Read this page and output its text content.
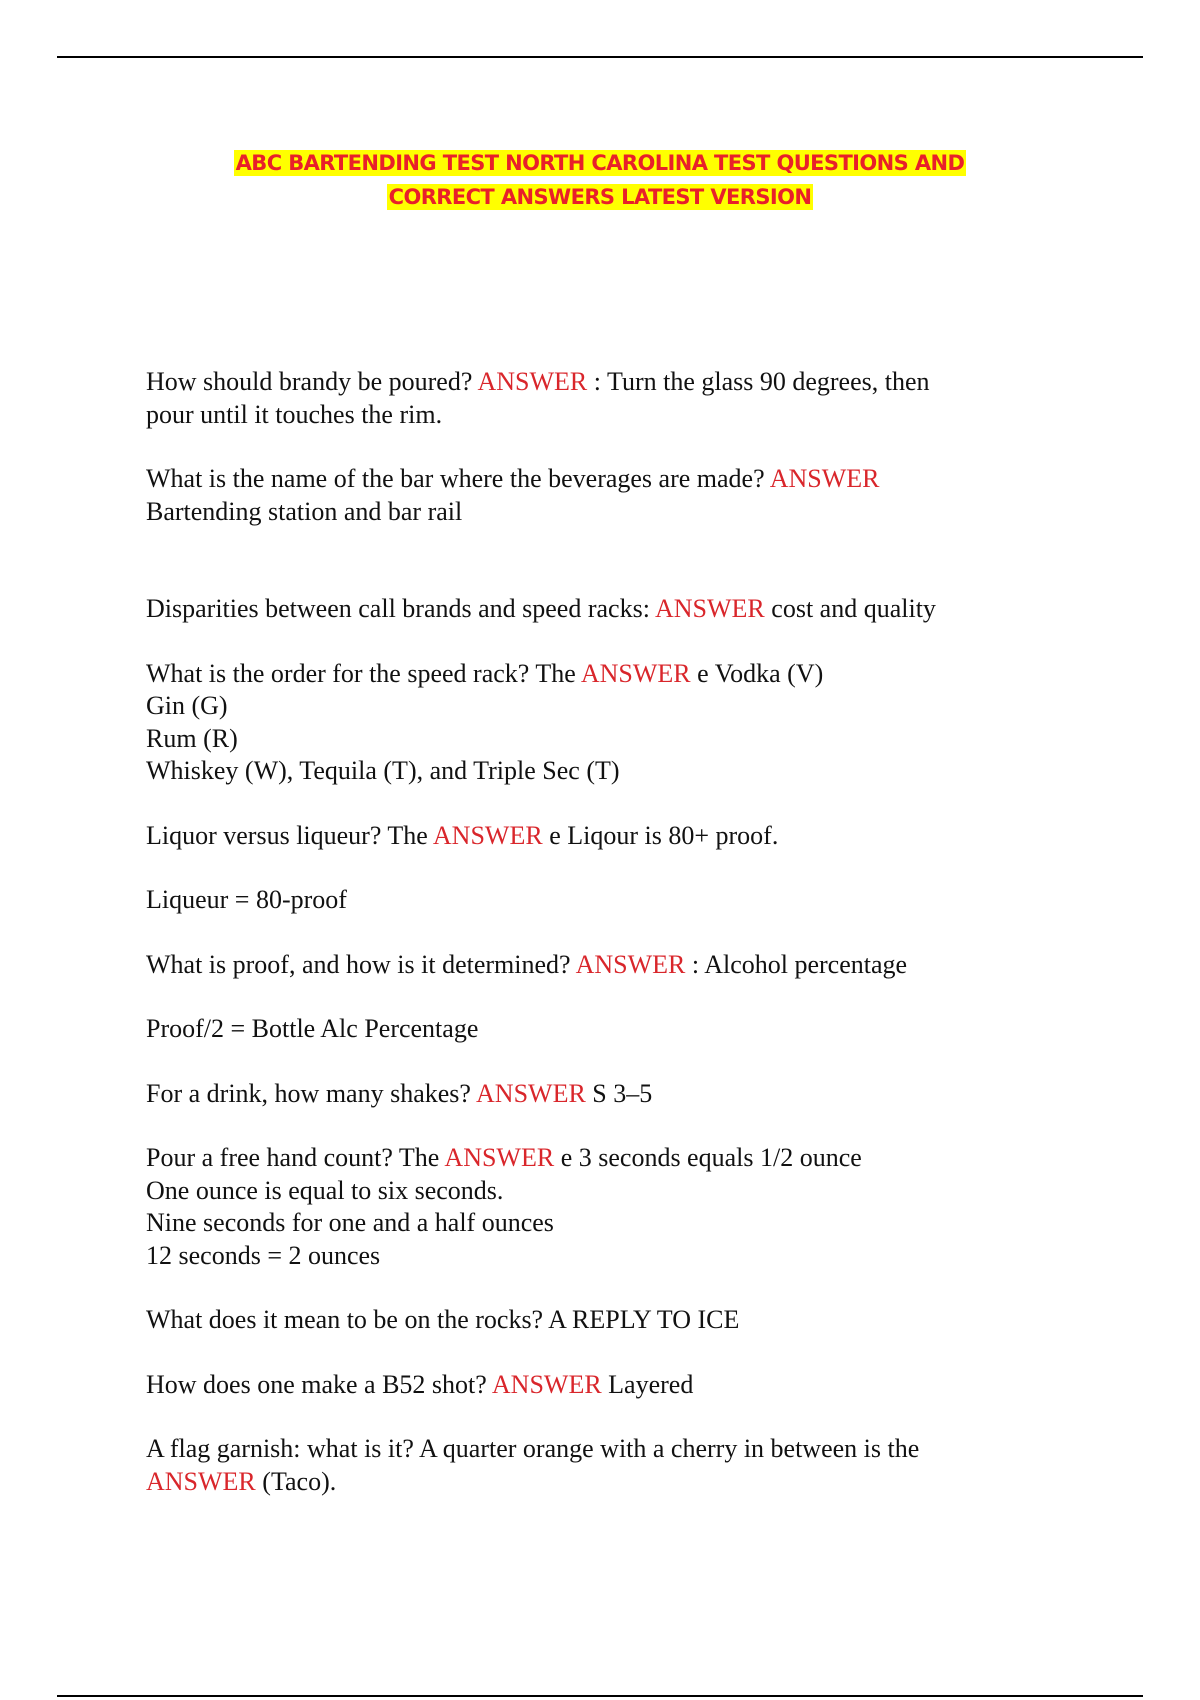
ABC BARTENDING TEST NORTH CAROLINA TEST QUESTIONS AND
CORRECT ANSWERS LATEST VERSION

How should brandy be poured? ANSWER : Turn the glass 90 degrees, then
pour until it touches the rim.

What is the name of the bar where the beverages are made? ANSWER
Bartending station and bar rail

Disparities between call brands and speed racks: ANSWER cost and quality

What is the order for the speed rack? The ANSWER e Vodka (V)
Gin (G)
Rum (R)
Whiskey (W), Tequila (T), and Triple Sec (T)

Liquor versus liqueur? The ANSWER e Liqour is 80+ proof.

Liqueur = 80-proof

What is proof, and how is it determined? ANSWER : Alcohol percentage

Proof/2 = Bottle Alc Percentage

For a drink, how many shakes? ANSWER S 3–5

Pour a free hand count? The ANSWER e 3 seconds equals 1/2 ounce
One ounce is equal to six seconds.
Nine seconds for one and a half ounces
12 seconds = 2 ounces

What does it mean to be on the rocks? A REPLY TO ICE

How does one make a B52 shot? ANSWER Layered

A flag garnish: what is it? A quarter orange with a cherry in between is the
ANSWER (Taco).
